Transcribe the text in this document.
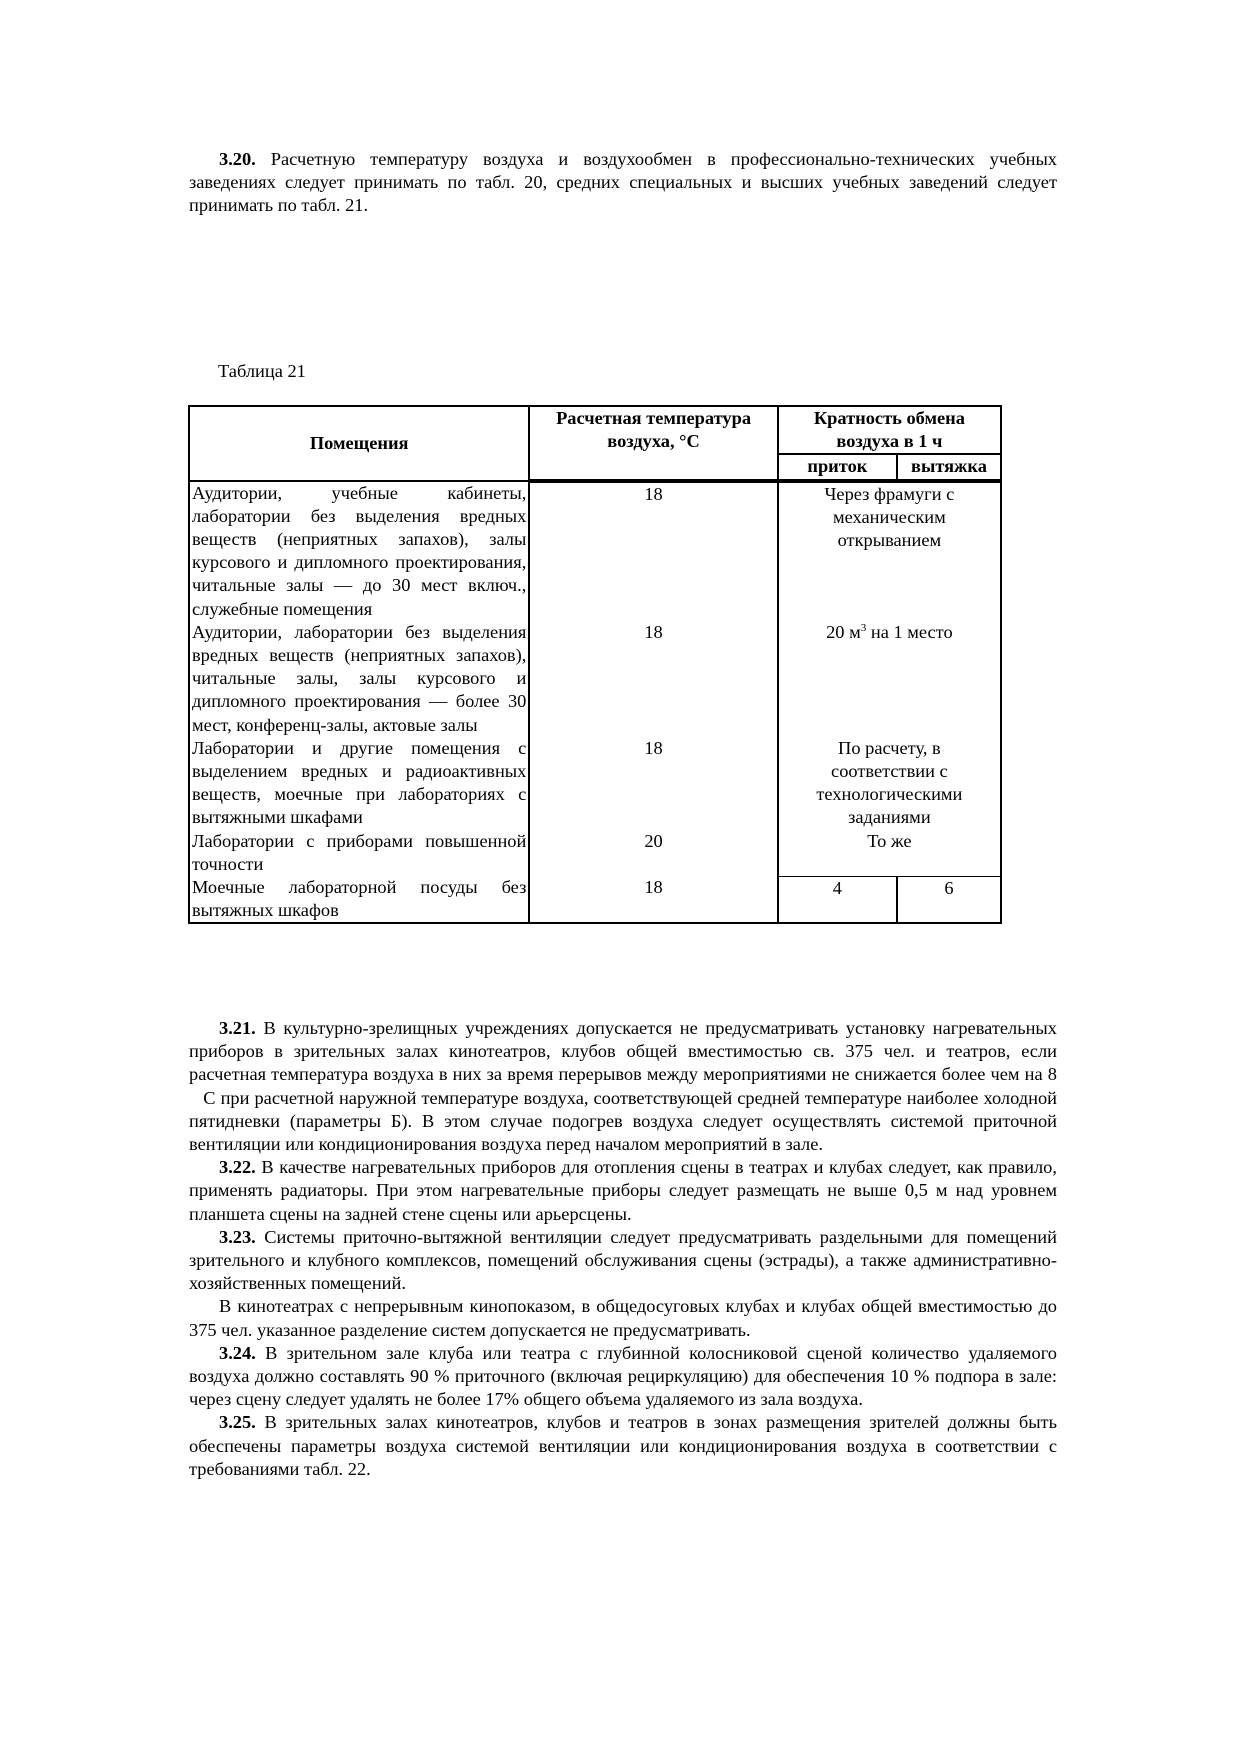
3.20. Расчетную температуру воздуха и воздухообмен в профессионально-технических учебных заведениях следует принимать по табл. 20, средних специальных и высших учебных заведений следует принимать по табл. 21.

Таблица 21
Помещения	Расчетная температура воздуха, °С	Кратность обмена воздуха в 1 ч	
		приток	вытяжка
Аудитории, учебные кабинеты, лаборатории без выделения вредных веществ (неприятных запахов), залы курсового и дипломного проектирования, читальные залы — до 30 мест включ., служебные помещения	18	Через фрамуги с механическим открыванием	
Аудитории, лаборатории без выделения вредных веществ (неприятных запахов), читальные залы, залы курсового и дипломного проектирования — более 30 мест, конференц-залы, актовые залы	18	20 $м^3$ на 1 место	
Лаборатории и другие помещения с выделением вредных и радиоактивных веществ, моечные при лабораториях с вытяжными шкафами	18	По расчету, в соответствии с технологическими заданиями	
Лаборатории с приборами повышенной точности	20	То же	
Моечные лабораторной посуды без вытяжных шкафов	18	4	6

3.21. В культурно-зрелищных учреждениях допускается не предусматривать установку нагревательных приборов в зрительных залах кинотеатров, клубов общей вместимостью св. 375 чел. и театров, если расчетная температура воздуха в них за время перерывов между мероприятиями не снижается более чем на 8 С при расчетной наружной температуре воздуха, соответствующей средней температуре наиболее холодной пятидневки (параметры Б). В этом случае подогрев воздуха следует осуществлять системой приточной вентиляции или кондиционирования воздуха перед началом мероприятий в зале.

3.22. В качестве нагревательных приборов для отопления сцены в театрах и клубах следует, как правило, применять радиаторы. При этом нагревательные приборы следует размещать не выше 0,5 м над уровнем планшета сцены на задней стене сцены или арьерсцены.

3.23. Системы приточно-вытяжной вентиляции следует предусматривать раздельными для помещений зрительного и клубного комплексов, помещений обслуживания сцены (эстрады), а также административно-хозяйственных помещений.

В кинотеатрах с непрерывным кинопоказом, в общедосуговых клубах и клубах общей вместимостью до 375 чел. указанное разделение систем допускается не предусматривать.

3.24. В зрительном зале клуба или театра с глубинной колосниковой сценой количество удаляемого воздуха должно составлять 90 % приточного (включая рециркуляцию) для обеспечения 10 % подпора в зале: через сцену следует удалять не более 17% общего объема удаляемого из зала воздуха.

3.25. В зрительных залах кинотеатров, клубов и театров в зонах размещения зрителей должны быть обеспечены параметры воздуха системой вентиляции или кондиционирования воздуха в соответствии с требованиями табл. 22.
